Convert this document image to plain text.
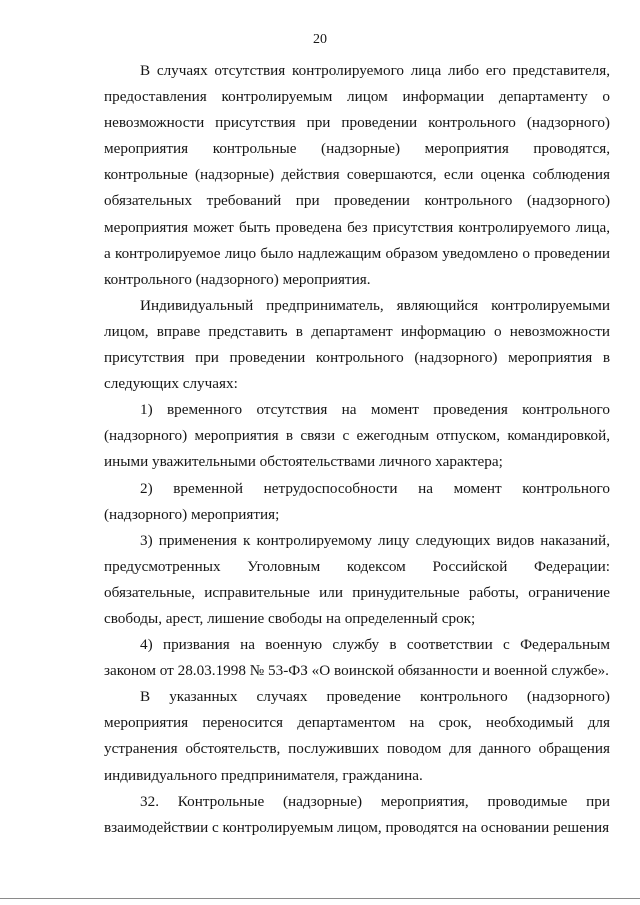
20

В случаях отсутствия контролируемого лица либо его представителя, предоставления контролируемым лицом информации департаменту о невозможности присутствия при проведении контрольного (надзорного) мероприятия контрольные (надзорные) мероприятия проводятся, контрольные (надзорные) действия совершаются, если оценка соблюдения обязательных требований при проведении контрольного (надзорного) мероприятия может быть проведена без присутствия контролируемого лица, а контролируемое лицо было надлежащим образом уведомлено о проведении контрольного (надзорного) мероприятия.

Индивидуальный предприниматель, являющийся контролируемыми лицом, вправе представить в департамент информацию о невозможности присутствия при проведении контрольного (надзорного) мероприятия в следующих случаях:

1) временного отсутствия на момент проведения контрольного (надзорного) мероприятия в связи с ежегодным отпуском, командировкой, иными уважительными обстоятельствами личного характера;

2) временной нетрудоспособности на момент контрольного (надзорного) мероприятия;

3) применения к контролируемому лицу следующих видов наказаний, предусмотренных Уголовным кодексом Российской Федерации: обязательные, исправительные или принудительные работы, ограничение свободы, арест, лишение свободы на определенный срок;

4) призвания на военную службу в соответствии с Федеральным законом от 28.03.1998 № 53-ФЗ «О воинской обязанности и военной службе».

В указанных случаях проведение контрольного (надзорного) мероприятия переносится департаментом на срок, необходимый для устранения обстоятельств, послуживших поводом для данного обращения индивидуального предпринимателя, гражданина.

32. Контрольные (надзорные) мероприятия, проводимые при взаимодействии с контролируемым лицом, проводятся на основании решения
